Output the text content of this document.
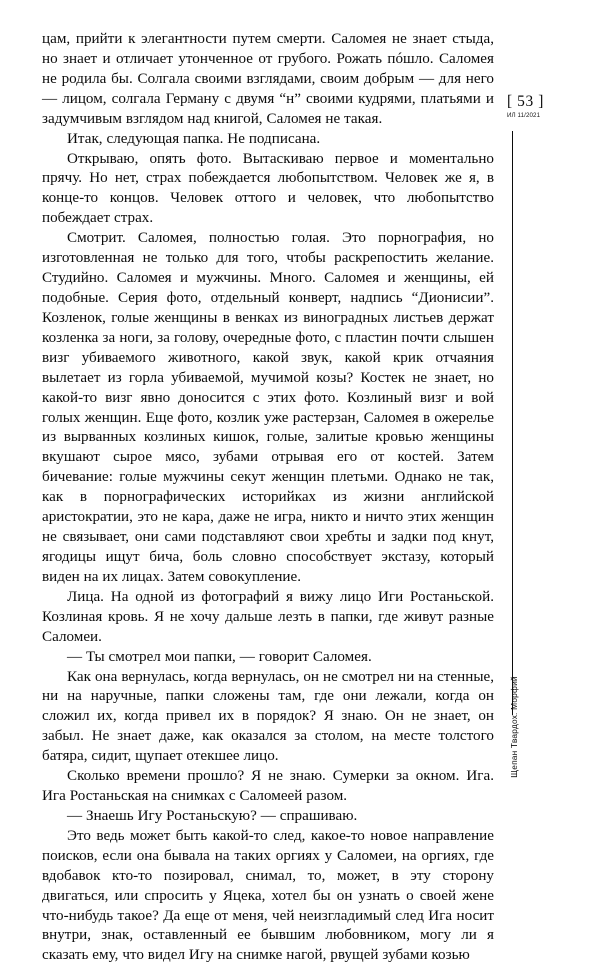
цам, прийти к элегантности путем смерти. Саломея не знает стыда, но знает и отличает утонченное от грубого. Рожать пóшло. Саломея не родила бы. Солгала своими взглядами, своим добрым — для него — лицом, солгала Герману с двумя “н” своими кудрями, платьями и задумчивым взглядом над книгой, Саломея не такая.

Итак, следующая папка. Не подписана.

Открываю, опять фото. Вытаскиваю первое и моментально прячу. Но нет, страх побеждается любопытством. Человек же я, в конце-то концов. Человек оттого и человек, что любопытство побеждает страх.

Смотрит. Саломея, полностью голая. Это порнография, но изготовленная не только для того, чтобы раскрепостить желание. Студийно. Саломея и мужчины. Много. Саломея и женщины, ей подобные. Серия фото, отдельный конверт, надпись “Дионисии”. Козленок, голые женщины в венках из виноградных листьев держат козленка за ноги, за голову, очередные фото, с пластин почти слышен визг убиваемого животного, какой звук, какой крик отчаяния вылетает из горла убиваемой, мучимой козы? Костек не знает, но какой-то визг явно доносится с этих фото. Козлиный визг и вой голых женщин. Еще фото, козлик уже растерзан, Саломея в ожерелье из вырванных козлиных кишок, голые, залитые кровью женщины вкушают сырое мясо, зубами отрывая его от костей. Затем бичевание: голые мужчины секут женщин плетьми. Однако не так, как в порнографических историйках из жизни английской аристократии, это не кара, даже не игра, никто и ничто этих женщин не связывает, они сами подставляют свои хребты и задки под кнут, ягодицы ищут бича, боль словно способствует экстазу, который виден на их лицах. Затем совокупление.

Лица. На одной из фотографий я вижу лицо Иги Ростаньской. Козлиная кровь. Я не хочу дальше лезть в папки, где живут разные Саломеи.

— Ты смотрел мои папки, — говорит Саломея.

Как она вернулась, когда вернулась, он не смотрел ни на стенные, ни на наручные, папки сложены там, где они лежали, когда он сложил их, когда привел их в порядок? Я знаю. Он не знает, он забыл. Не знает даже, как оказался за столом, на месте толстого батяра, сидит, щупает отекшее лицо.

Сколько времени прошло? Я не знаю. Сумерки за окном. Ига. Ига Ростаньская на снимках с Саломеей разом.

— Знаешь Игу Ростаньскую? — спрашиваю.

Это ведь может быть какой-то след, какое-то новое направление поисков, если она бывала на таких оргиях у Саломеи, на оргиях, где вдобавок кто-то позировал, снимал, то, может, в эту сторону двигаться, или спросить у Яцека, хотел бы он узнать о своей жене что-нибудь такое? Да еще от меня, чей неизгладимый след Ига носит внутри, знак, оставленный ее бывшим любовником, могу ли я сказать ему, что видел Игу на снимке нагой, рвущей зубами козью

[ 53 ]
ИЛ 11/2021
Щепан Твардох. Морфий
